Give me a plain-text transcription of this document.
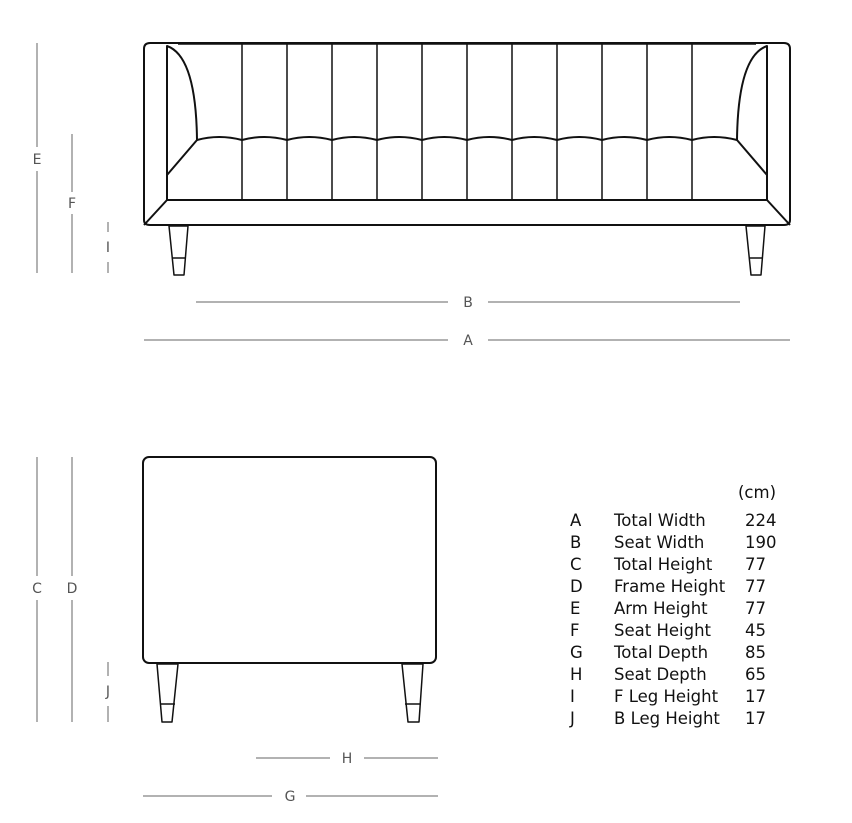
E
F
I
B
A
C D
J
H
G
(cm)
A Total Width 224
B Seat Width 190
C Total Height 77
D Frame Height 77
E Arm Height 77
F Seat Height 45
G Total Depth 85
H Seat Depth 65
I F Leg Height 17
J B Leg Height 17
